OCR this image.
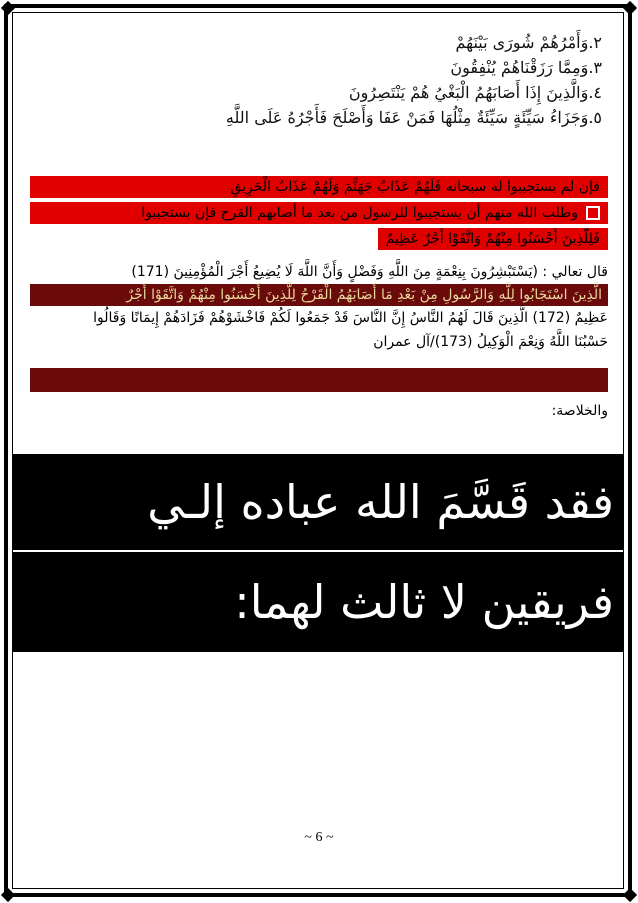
٢.وَأَمْرُهُمْ شُورَى بَيْنَهُمْ
٣.وَمِمَّا رَزَقْنَاهُمْ يُنْفِقُونَ
٤.وَالَّذِينَ إِذَا أَصَابَهُمُ الْبَغْيُ هُمْ يَنْتَصِرُونَ
٥.وَجَزَاءُ سَيِّئَةٍ سَيِّئَةٌ مِثْلُهَا فَمَنْ عَفَا وَأَصْلَحَ فَأَجْرُهُ عَلَى اللَّهِ
فإن لم يستجيبوا له سبحانه فَلَهُمْ عَذَابُ جَهَنَّمَ وَلَهُمْ عَذَابُ الْحَرِيقِ
وطلب الله منهم أن يستجيبوا للرسول من بعد ما أصابهم القرح فإن يستجيبوا
فَلِلَّذِينَ أَحْسَنُوا مِنْهُمْ وَاتَّقَوْا أَجْرٌ عَظِيمٌ
قال تعالي : (يَسْتَبْشِرُونَ بِنِعْمَةٍ مِنَ اللَّهِ وَفَضْلٍ وَأَنَّ اللَّهَ لَا يُضِيعُ أَجْرَ الْمُؤْمِنِينَ (171)
الَّذِينَ اسْتَجَابُوا لِلَّهِ وَالرَّسُولِ مِنْ بَعْدِ مَا أَصَابَهُمُ الْقَرْحُ لِلَّذِينَ أَحْسَنُوا مِنْهُمْ وَاتَّقَوْا أَجْرٌ
عَظِيمٌ (172) الَّذِينَ قَالَ لَهُمُ النَّاسُ إِنَّ النَّاسَ قَدْ جَمَعُوا لَكُمْ فَاخْشَوْهُمْ فَزَادَهُمْ إِيمَانًا وَقَالُوا
حَسْبُنَا اللَّهُ وَنِعْمَ الْوَكِيلُ (173)/آل عمران
والخلاصة:
فقد قَسَّمَ الله عباده إلـي
فريقين لا ثالث لهما:
~ 6 ~
